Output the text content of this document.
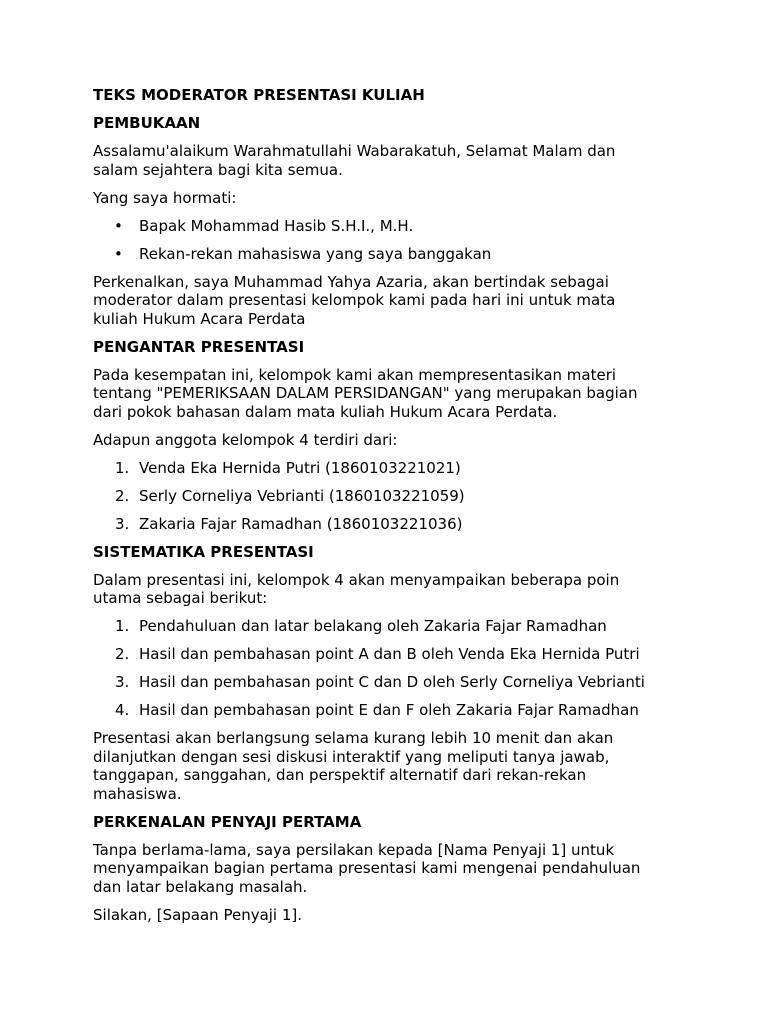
TEKS MODERATOR PRESENTASI KULIAH
PEMBUKAAN

Assalamu'alaikum Warahmatullahi Wabarakatuh, Selamat Malam dan salam sejahtera bagi kita semua.

Yang saya hormati:

• Bapak Mohammad Hasib S.H.I., M.H.
• Rekan-rekan mahasiswa yang saya banggakan

Perkenalkan, saya Muhammad Yahya Azaria, akan bertindak sebagai moderator dalam presentasi kelompok kami pada hari ini untuk mata kuliah Hukum Acara Perdata

PENGANTAR PRESENTASI

Pada kesempatan ini, kelompok kami akan mempresentasikan materi tentang "PEMERIKSAAN DALAM PERSIDANGAN" yang merupakan bagian dari pokok bahasan dalam mata kuliah Hukum Acara Perdata.

Adapun anggota kelompok 4 terdiri dari:

1. Venda Eka Hernida Putri (1860103221021)
2. Serly Corneliya Vebrianti (1860103221059)
3. Zakaria Fajar Ramadhan (1860103221036)
SISTEMATIKA PRESENTASI

Dalam presentasi ini, kelompok 4 akan menyampaikan beberapa poin utama sebagai berikut:

1. Pendahuluan dan latar belakang oleh Zakaria Fajar Ramadhan
2. Hasil dan pembahasan point A dan B oleh Venda Eka Hernida Putri
3. Hasil dan pembahasan point C dan D oleh Serly Corneliya Vebrianti
4. Hasil dan pembahasan point E dan F oleh Zakaria Fajar Ramadhan

Presentasi akan berlangsung selama kurang lebih 10 menit dan akan dilanjutkan dengan sesi diskusi interaktif yang meliputi tanya jawab, tanggapan, sanggahan, dan perspektif alternatif dari rekan-rekan mahasiswa.

PERKENALAN PENYAJI PERTAMA

Tanpa berlama-lama, saya persilakan kepada [Nama Penyaji 1] untuk menyampaikan bagian pertama presentasi kami mengenai pendahuluan dan latar belakang masalah.

Silakan, [Sapaan Penyaji 1].
